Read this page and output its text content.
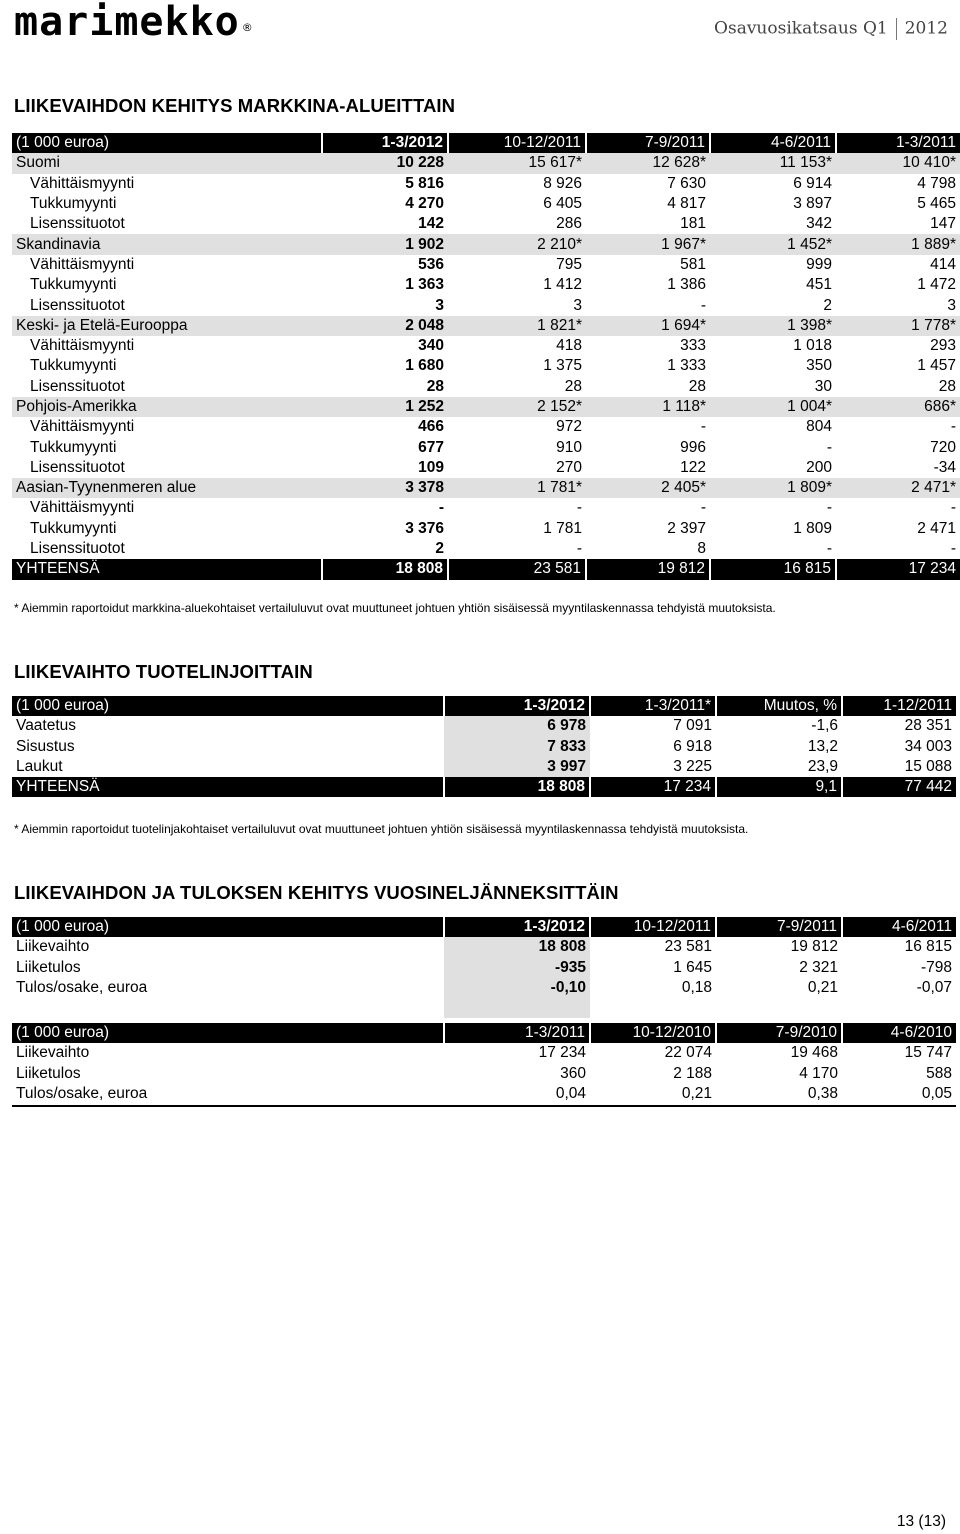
marimekko ®	Osavuosikatsaus Q1 2012
LIIKEVAIHDON KEHITYS MARKKINA-ALUEITTAIN
(1 000 euroa)	1-3/2012	10-12/2011	7-9/2011	4-6/2011	1-3/2011
Suomi	10 228	15 617*	12 628*	11 153*	10 410*
Vähittäismyynti	5 816	8 926	7 630	6 914	4 798
Tukkumyynti	4 270	6 405	4 817	3 897	5 465
Lisenssituotot	142	286	181	342	147
Skandinavia	1 902	2 210*	1 967*	1 452*	1 889*
Vähittäismyynti	536	795	581	999	414
Tukkumyynti	1 363	1 412	1 386	451	1 472
Lisenssituotot	3	3	-	2	3
Keski- ja Etelä-Eurooppa	2 048	1 821*	1 694*	1 398*	1 778*
Vähittäismyynti	340	418	333	1 018	293
Tukkumyynti	1 680	1 375	1 333	350	1 457
Lisenssituotot	28	28	28	30	28
Pohjois-Amerikka	1 252	2 152*	1 118*	1 004*	686*
Vähittäismyynti	466	972	-	804	-
Tukkumyynti	677	910	996	-	720
Lisenssituotot	109	270	122	200	-34
Aasian-Tyynenmeren alue	3 378	1 781*	2 405*	1 809*	2 471*
Vähittäismyynti	-	-	-	-	-
Tukkumyynti	3 376	1 781	2 397	1 809	2 471
Lisenssituotot	2	-	8	-	-
YHTEENSÄ	18 808	23 581	19 812	16 815	17 234
* Aiemmin raportoidut markkina-aluekohtaiset vertailuluvut ovat muuttuneet johtuen yhtiön sisäisessä myyntilaskennassa tehdyistä muutoksista.
LIIKEVAIHTO TUOTELINJOITTAIN
(1 000 euroa)	1-3/2012	1-3/2011*	Muutos, %	1-12/2011
Vaatetus	6 978	7 091	-1,6	28 351
Sisustus	7 833	6 918	13,2	34 003
Laukut	3 997	3 225	23,9	15 088
YHTEENSÄ	18 808	17 234	9,1	77 442
* Aiemmin raportoidut tuotelinjakohtaiset vertailuluvut ovat muuttuneet johtuen yhtiön sisäisessä myyntilaskennassa tehdyistä muutoksista.
LIIKEVAIHDON JA TULOKSEN KEHITYS VUOSINELJÄNNEKSITTÄIN
(1 000 euroa)	1-3/2012	10-12/2011	7-9/2011	4-6/2011
Liikevaihto	18 808	23 581	19 812	16 815
Liiketulos	-935	1 645	2 321	-798
Tulos/osake, euroa	-0,10	0,18	0,21	-0,07

(1 000 euroa)	1-3/2011	10-12/2010	7-9/2010	4-6/2010
Liikevaihto	17 234	22 074	19 468	15 747
Liiketulos	360	2 188	4 170	588
Tulos/osake, euroa	0,04	0,21	0,38	0,05
13 (13)
